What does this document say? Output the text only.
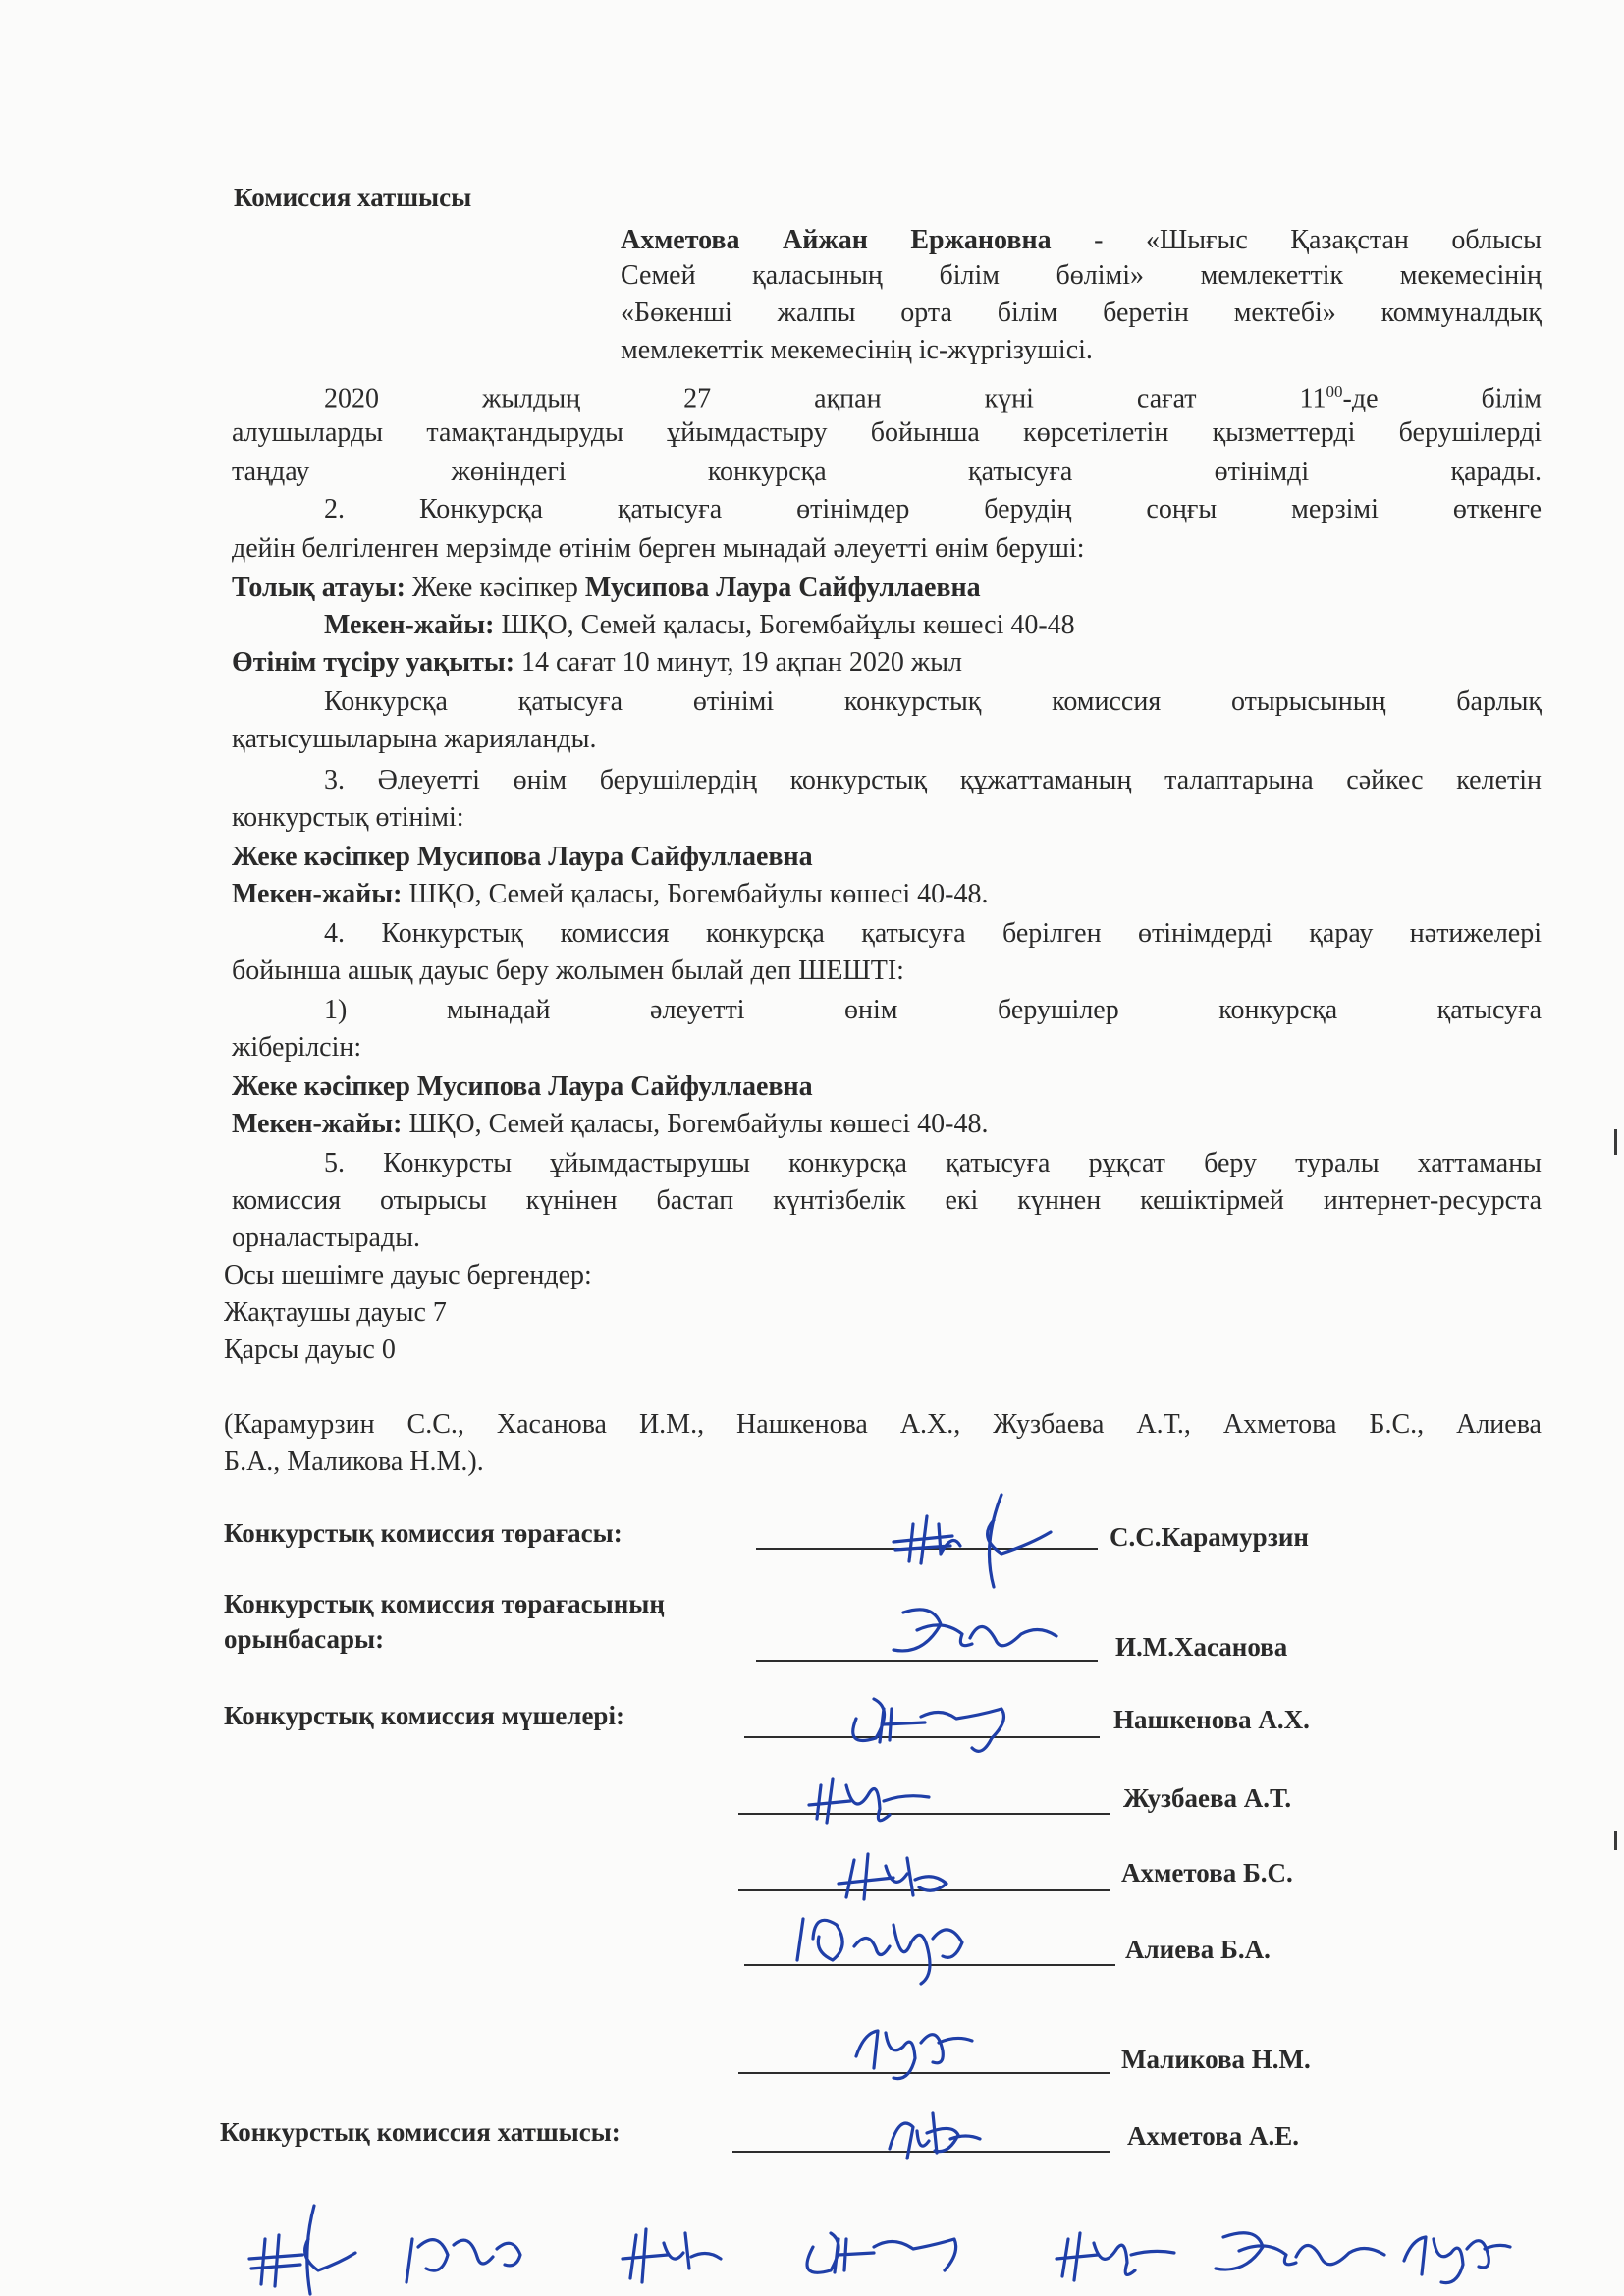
Комиссия хатшысы
Ахметова Айжан Ержановна - «Шығыс Қазақстан облысы
Семей қаласының білім бөлімі» мемлекеттік мекемесінің
«Бөкенші жалпы орта білім беретін мектебі» коммуналдық
мемлекеттік мекемесінің іс-жүргізушісі.
2020 жылдың 27 ақпан күні сағат $11^{00}-де$ білім
алушыларды тамақтандыруды ұйымдастыру бойынша көрсетілетін қызметтерді берушілерді
таңдау жөніндегі конкурсқа қатысуға өтінімді қарады.
2. Конкурсқа қатысуға өтінімдер берудің соңғы мерзімі өткенге
дейін белгіленген мерзімде өтінім берген мынадай әлеуетті өнім беруші:
Толық атауы: Жеке кәсіпкер Мусипова Лаура Сайфуллаевна
Мекен-жайы: ШҚО, Семей қаласы, Богембайұлы көшесі 40-48
Өтінім түсіру уақыты: 14 сағат 10 минут, 19 ақпан 2020 жыл
Конкурсқа қатысуға өтінімі конкурстық комиссия отырысының барлық
қатысушыларына жарияланды.
3. Әлеуетті өнім берушілердің конкурстық құжаттаманың талаптарына сәйкес келетін
конкурстық өтінімі:
Жеке кәсіпкер Мусипова Лаура Сайфуллаевна
Мекен-жайы: ШҚО, Семей қаласы, Богембайулы көшесі 40-48.
4. Конкурстық комиссия конкурсқа қатысуға берілген өтінімдерді қарау нәтижелері
бойынша ашық дауыс беру жолымен былай деп ШЕШТІ:
1) мынадай әлеуетті өнім берушілер конкурсқа қатысуға
жіберілсін:
Жеке кәсіпкер Мусипова Лаура Сайфуллаевна
Мекен-жайы: ШҚО, Семей қаласы, Богембайулы көшесі 40-48.
5. Конкурсты ұйымдастырушы конкурсқа қатысуға рұқсат беру туралы хаттаманы
комиссия отырысы күнінен бастап күнтізбелік екі күннен кешіктірмей интернет-ресурста
орналастырады.
Осы шешімге дауыс бергендер:
Жақтаушы дауыс 7
Қарсы дауыс 0
(Карамурзин С.С., Хасанова И.М., Нашкенова А.Х., Жузбаева А.Т., Ахметова Б.С., Алиева
Б.А., Маликова Н.М.).
Конкурстық комиссия төрағасы:	С.С.Карамурзин
Конкурстық комиссия төрағасының
орынбасары:	И.М.Хасанова
Конкурстық комиссия мүшелері:	Нашкенова А.Х.
Жузбаева А.Т.
Ахметова Б.С.
Алиева Б.А.
Маликова Н.М.
Конкурстық комиссия хатшысы:	Ахметова А.Е.
